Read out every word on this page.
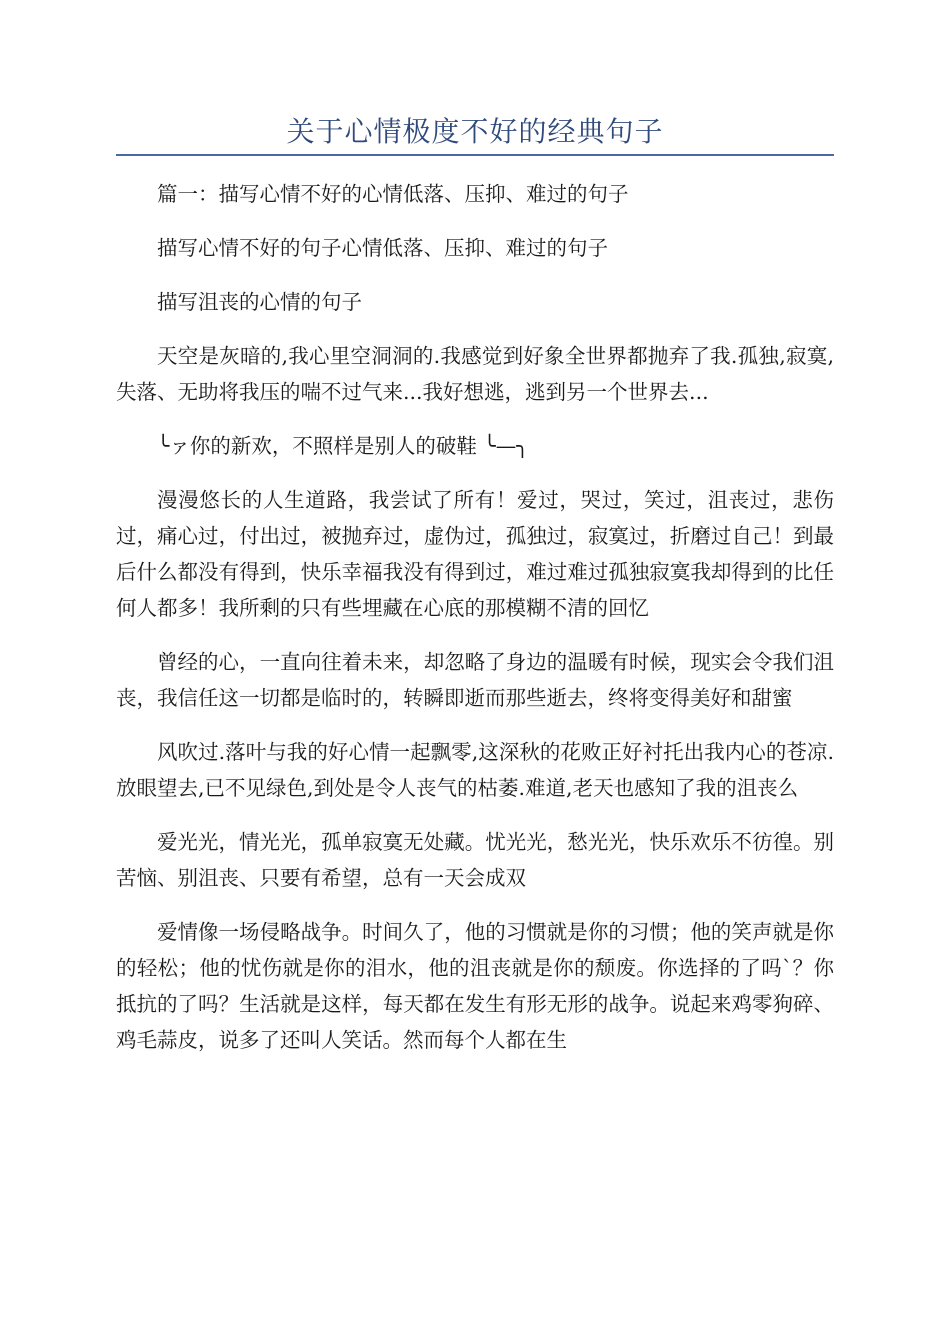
关于心情极度不好的经典句子

篇一：描写心情不好的心情低落、压抑、难过的句子

描写心情不好的句子心情低落、压抑、难过的句子

描写沮丧的心情的句子

天空是灰暗的,我心里空洞洞的.我感觉到好象全世界都抛弃了我.孤独,寂寞,失落、无助将我压的喘不过气来...我好想逃，逃到另一个世界去...

╰ァ你的新欢，不照样是别人的破鞋 ╰—╮

漫漫悠长的人生道路，我尝试了所有！爱过，哭过，笑过，沮丧过，悲伤过，痛心过，付出过，被抛弃过，虚伪过，孤独过，寂寞过，折磨过自己！到最后什么都没有得到，快乐幸福我没有得到过，难过难过孤独寂寞我却得到的比任何人都多！我所剩的只有些埋藏在心底的那模糊不清的回忆

曾经的心，一直向往着未来，却忽略了身边的温暖有时候，现实会令我们沮丧，我信任这一切都是临时的，转瞬即逝而那些逝去，终将变得美好和甜蜜

风吹过.落叶与我的好心情一起飘零,这深秋的花败正好衬托出我内心的苍凉.放眼望去,已不见绿色,到处是令人丧气的枯萎.难道,老天也感知了我的沮丧么

爱光光，情光光，孤单寂寞无处藏。忧光光，愁光光，快乐欢乐不彷徨。别苦恼、别沮丧、只要有希望，总有一天会成双

爱情像一场侵略战争。时间久了，他的习惯就是你的习惯；他的笑声就是你的轻松；他的忧伤就是你的泪水，他的沮丧就是你的颓废。你选择的了吗`？你抵抗的了吗？生活就是这样，每天都在发生有形无形的战争。说起来鸡零狗碎、鸡毛蒜皮，说多了还叫人笑话。然而每个人都在生
